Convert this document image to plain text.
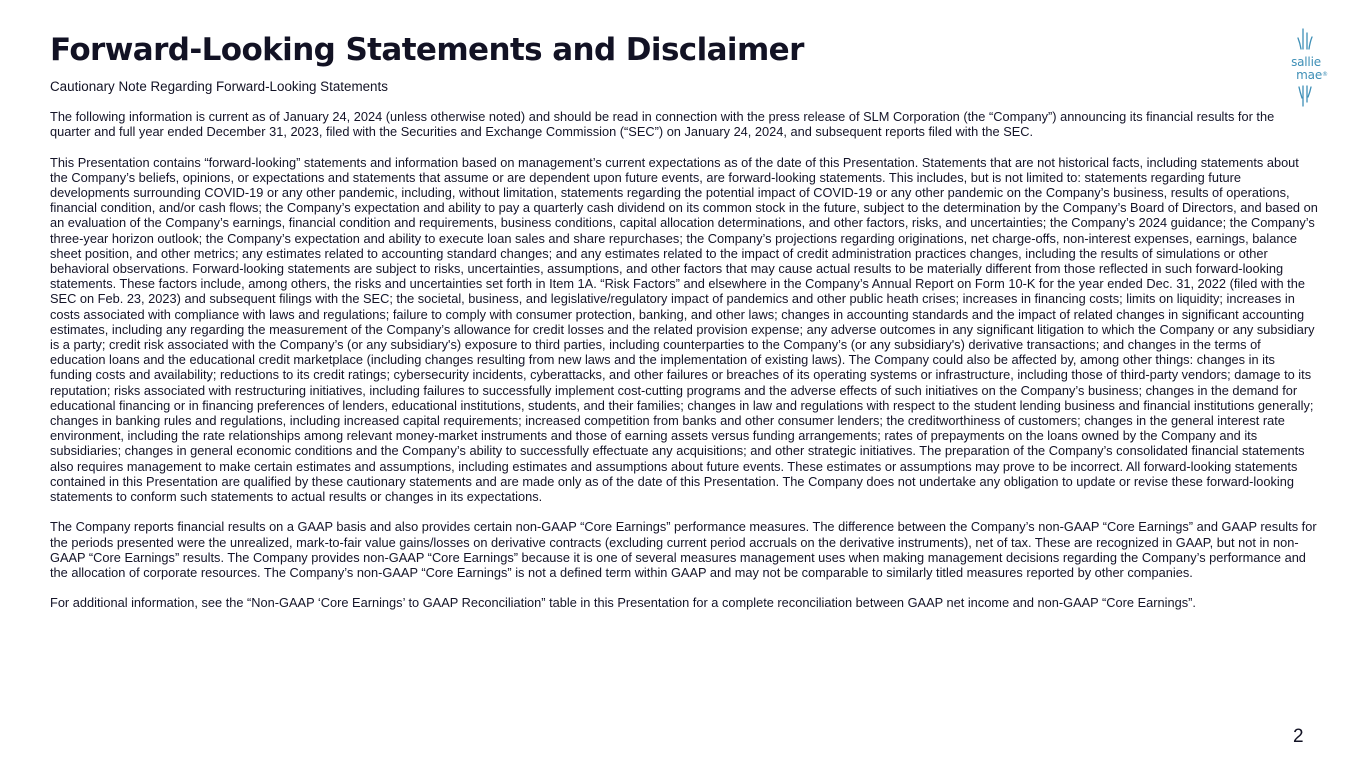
Forward-Looking Statements and Disclaimer	sallie
mae®
Cautionary Note Regarding Forward-Looking Statements

The following information is current as of January 24, 2024 (unless otherwise noted) and should be read in connection with the press release of SLM Corporation (the “Company”) announcing its financial results for the quarter and full year ended December 31, 2023, filed with the Securities and Exchange Commission (“SEC”) on January 24, 2024, and subsequent reports filed with the SEC.

This Presentation contains “forward-looking” statements and information based on management’s current expectations as of the date of this Presentation. Statements that are not historical facts, including statements about the Company’s beliefs, opinions, or expectations and statements that assume or are dependent upon future events, are forward-looking statements. This includes, but is not limited to: statements regarding future developments surrounding COVID-19 or any other pandemic, including, without limitation, statements regarding the potential impact of COVID-19 or any other pandemic on the Company’s business, results of operations, financial condition, and/or cash flows; the Company’s expectation and ability to pay a quarterly cash dividend on its common stock in the future, subject to the determination by the Company’s Board of Directors, and based on an evaluation of the Company’s earnings, financial condition and requirements, business conditions, capital allocation determinations, and other factors, risks, and uncertainties; the Company’s 2024 guidance; the Company’s three-year horizon outlook; the Company’s expectation and ability to execute loan sales and share repurchases; the Company’s projections regarding originations, net charge-offs, non-interest expenses, earnings, balance sheet position, and other metrics; any estimates related to accounting standard changes; and any estimates related to the impact of credit administration practices changes, including the results of simulations or other behavioral observations. Forward-looking statements are subject to risks, uncertainties, assumptions, and other factors that may cause actual results to be materially different from those reflected in such forward-looking statements. These factors include, among others, the risks and uncertainties set forth in Item 1A. “Risk Factors” and elsewhere in the Company’s Annual Report on Form 10-K for the year ended Dec. 31, 2022 (filed with the SEC on Feb. 23, 2023) and subsequent filings with the SEC; the societal, business, and legislative/regulatory impact of pandemics and other public heath crises; increases in financing costs; limits on liquidity; increases in costs associated with compliance with laws and regulations; failure to comply with consumer protection, banking, and other laws; changes in accounting standards and the impact of related changes in significant accounting estimates, including any regarding the measurement of the Company’s allowance for credit losses and the related provision expense; any adverse outcomes in any significant litigation to which the Company or any subsidiary is a party; credit risk associated with the Company’s (or any subsidiary's) exposure to third parties, including counterparties to the Company’s (or any subsidiary's) derivative transactions; and changes in the terms of education loans and the educational credit marketplace (including changes resulting from new laws and the implementation of existing laws). The Company could also be affected by, among other things: changes in its funding costs and availability; reductions to its credit ratings; cybersecurity incidents, cyberattacks, and other failures or breaches of its operating systems or infrastructure, including those of third-party vendors; damage to its reputation; risks associated with restructuring initiatives, including failures to successfully implement cost-cutting programs and the adverse effects of such initiatives on the Company’s business; changes in the demand for educational financing or in financing preferences of lenders, educational institutions, students, and their families; changes in law and regulations with respect to the student lending business and financial institutions generally; changes in banking rules and regulations, including increased capital requirements; increased competition from banks and other consumer lenders; the creditworthiness of customers; changes in the general interest rate environment, including the rate relationships among relevant money-market instruments and those of earning assets versus funding arrangements; rates of prepayments on the loans owned by the Company and its subsidiaries; changes in general economic conditions and the Company’s ability to successfully effectuate any acquisitions; and other strategic initiatives. The preparation of the Company’s consolidated financial statements also requires management to make certain estimates and assumptions, including estimates and assumptions about future events. These estimates or assumptions may prove to be incorrect. All forward-looking statements contained in this Presentation are qualified by these cautionary statements and are made only as of the date of this Presentation. The Company does not undertake any obligation to update or revise these forward-looking statements to conform such statements to actual results or changes in its expectations.

The Company reports financial results on a GAAP basis and also provides certain non-GAAP “Core Earnings” performance measures. The difference between the Company’s non-GAAP “Core Earnings” and GAAP results for the periods presented were the unrealized, mark-to-fair value gains/losses on derivative contracts (excluding current period accruals on the derivative instruments), net of tax. These are recognized in GAAP, but not in non-GAAP “Core Earnings” results. The Company provides non-GAAP “Core Earnings” because it is one of several measures management uses when making management decisions regarding the Company’s performance and the allocation of corporate resources. The Company’s non-GAAP “Core Earnings” is not a defined term within GAAP and may not be comparable to similarly titled measures reported by other companies.

For additional information, see the “Non-GAAP ‘Core Earnings’ to GAAP Reconciliation” table in this Presentation for a complete reconciliation between GAAP net income and non-GAAP “Core Earnings”.

2
